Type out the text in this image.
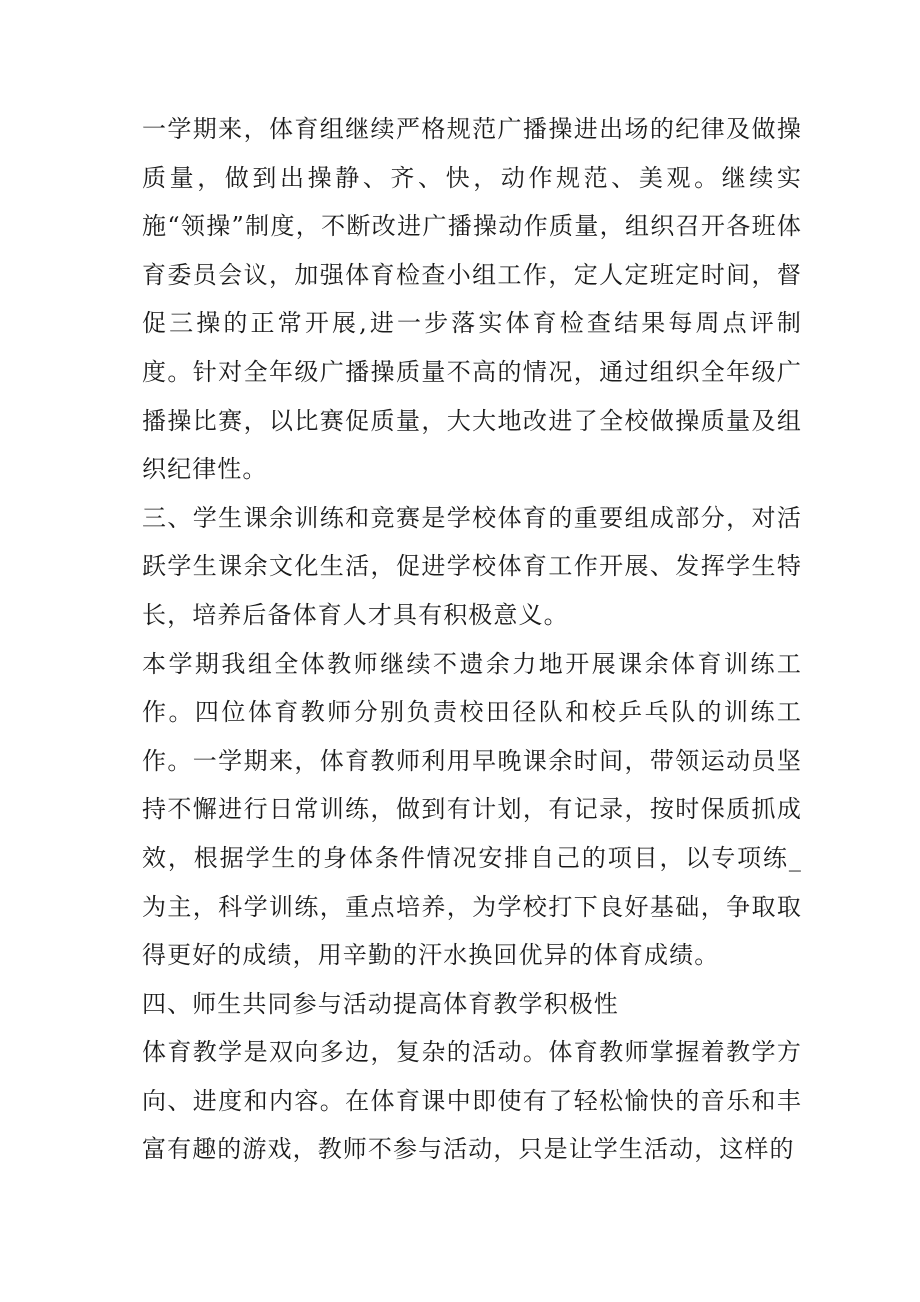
一学期来，体育组继续严格规范广播操进出场的纪律及做操质量，做到出操静、齐、快，动作规范、美观。继续实施“领操”制度，不断改进广播操动作质量，组织召开各班体育委员会议，加强体育检查小组工作，定人定班定时间，督促三操的正常开展,进一步落实体育检查结果每周点评制度。针对全年级广播操质量不高的情况，通过组织全年级广播操比赛，以比赛促质量，大大地改进了全校做操质量及组织纪律性。

三、学生课余训练和竞赛是学校体育的重要组成部分，对活跃学生课余文化生活，促进学校体育工作开展、发挥学生特长，培养后备体育人才具有积极意义。

本学期我组全体教师继续不遗余力地开展课余体育训练工作。四位体育教师分别负责校田径队和校乒乓队的训练工作。一学期来，体育教师利用早晚课余时间，带领运动员坚持不懈进行日常训练，做到有计划，有记录，按时保质抓成效，根据学生的身体条件情况安排自己的项目，以专项练_为主，科学训练，重点培养，为学校打下良好基础，争取取得更好的成绩，用辛勤的汗水换回优异的体育成绩。

四、师生共同参与活动提高体育教学积极性

体育教学是双向多边，复杂的活动。体育教师掌握着教学方向、进度和内容。在体育课中即使有了轻松愉快的音乐和丰富有趣的游戏，教师不参与活动，只是让学生活动，这样的
